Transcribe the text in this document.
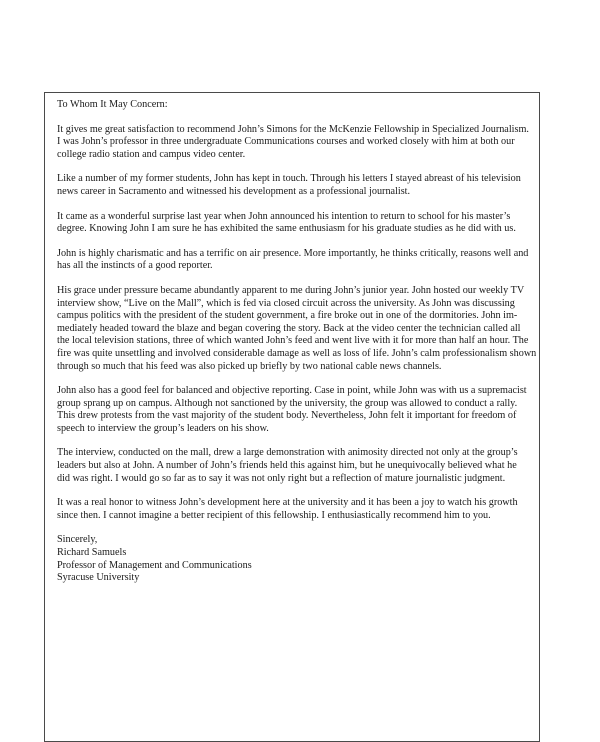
To Whom It May Concern:

It gives me great satisfaction to recommend John’s Simons for the McKenzie Fellowship in Specialized Journalism.
I was John’s professor in three undergraduate Communications courses and worked closely with him at both our
college radio station and campus video center.

Like a number of my former students, John has kept in touch. Through his letters I stayed abreast of his television
news career in Sacramento and witnessed his development as a professional journalist.

It came as a wonderful surprise last year when John announced his intention to return to school for his master’s
degree. Knowing John I am sure he has exhibited the same enthusiasm for his graduate studies as he did with us.

John is highly charismatic and has a terrific on air presence. More importantly, he thinks critically, reasons well and
has all the instincts of a good reporter.

His grace under pressure became abundantly apparent to me during John’s junior year. John hosted our weekly TV
interview show, “Live on the Mall”, which is fed via closed circuit across the university. As John was discussing
campus politics with the president of the student government, a fire broke out in one of the dormitories. John im-
mediately headed toward the blaze and began covering the story. Back at the video center the technician called all
the local television stations, three of which wanted John’s feed and went live with it for more than half an hour. The
fire was quite unsettling and involved considerable damage as well as loss of life. John’s calm professionalism shown
through so much that his feed was also picked up briefly by two national cable news channels.

John also has a good feel for balanced and objective reporting. Case in point, while John was with us a supremacist
group sprang up on campus. Although not sanctioned by the university, the group was allowed to conduct a rally.
This drew protests from the vast majority of the student body. Nevertheless, John felt it important for freedom of
speech to interview the group’s leaders on his show.

The interview, conducted on the mall, drew a large demonstration with animosity directed not only at the group’s
leaders but also at John. A number of John’s friends held this against him, but he unequivocally believed what he
did was right. I would go so far as to say it was not only right but a reflection of mature journalistic judgment.

It was a real honor to witness John’s development here at the university and it has been a joy to watch his growth
since then. I cannot imagine a better recipient of this fellowship. I enthusiastically recommend him to you.

Sincerely,
Richard Samuels
Professor of Management and Communications
Syracuse University
